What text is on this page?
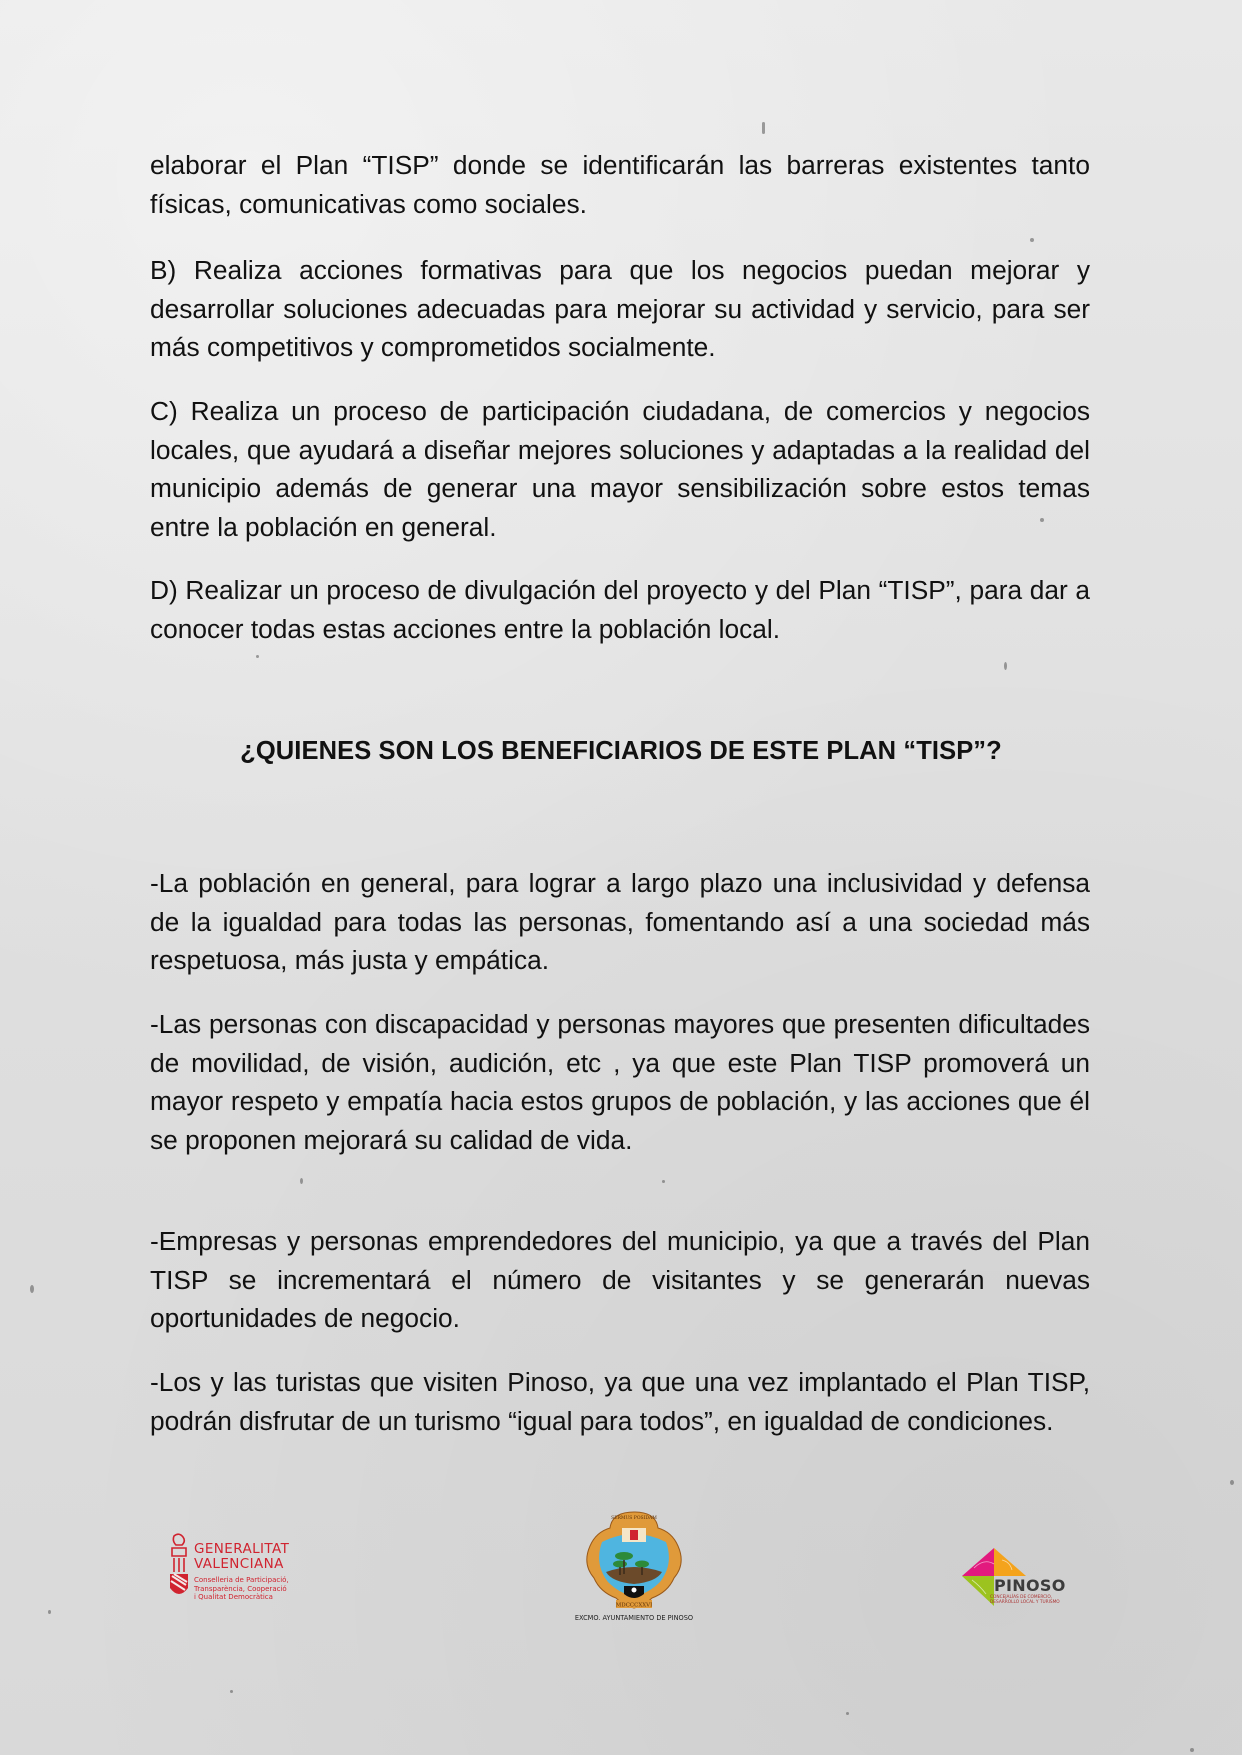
elaborar el Plan “TISP” donde se identificarán las barreras existentes tanto físicas, comunicativas como sociales.

B) Realiza acciones formativas para que los negocios puedan mejorar y desarrollar soluciones adecuadas para mejorar su actividad y servicio, para ser más competitivos y comprometidos socialmente.

C) Realiza un proceso de participación ciudadana, de comercios y negocios locales, que ayudará a diseñar mejores soluciones y adaptadas a la realidad del municipio además de generar una mayor sensibilización sobre estos temas entre la población en general.

D) Realizar un proceso de divulgación del proyecto y del Plan “TISP”, para dar a conocer todas estas acciones entre la población local.

-La población en general, para lograr a largo plazo una inclusividad y defensa de la igualdad para todas las personas, fomentando así a una sociedad más respetuosa, más justa y empática.

-Las personas con discapacidad y personas mayores que presenten dificultades de movilidad, de visión, audición, etc , ya que este Plan TISP promoverá un mayor respeto y empatía hacia estos grupos de población, y las acciones que él se proponen mejorará su calidad de vida.

-Empresas y personas emprendedores del municipio, ya que a través del Plan TISP se incrementará el número de visitantes y se generarán nuevas oportunidades de negocio.

-Los y las turistas que visiten Pinoso, ya que una vez implantado el Plan TISP, podrán disfrutar de un turismo “igual para todos”, en igualdad de condiciones.

¿QUIENES SON LOS BENEFICIARIOS DE ESTE PLAN “TISP”?
GENERALITAT
VALENCIANA
Conselleria de Participació,
Transparència, Cooperació
i Qualitat Democràtica
MDCCCXXVI
SERMUS POSIDAM
EXCMO. AYUNTAMIENTO DE PINOSO
PINOSO
CONCEJALÍAS DE COMERCIO,
DESARROLLO LOCAL Y TURISMO
